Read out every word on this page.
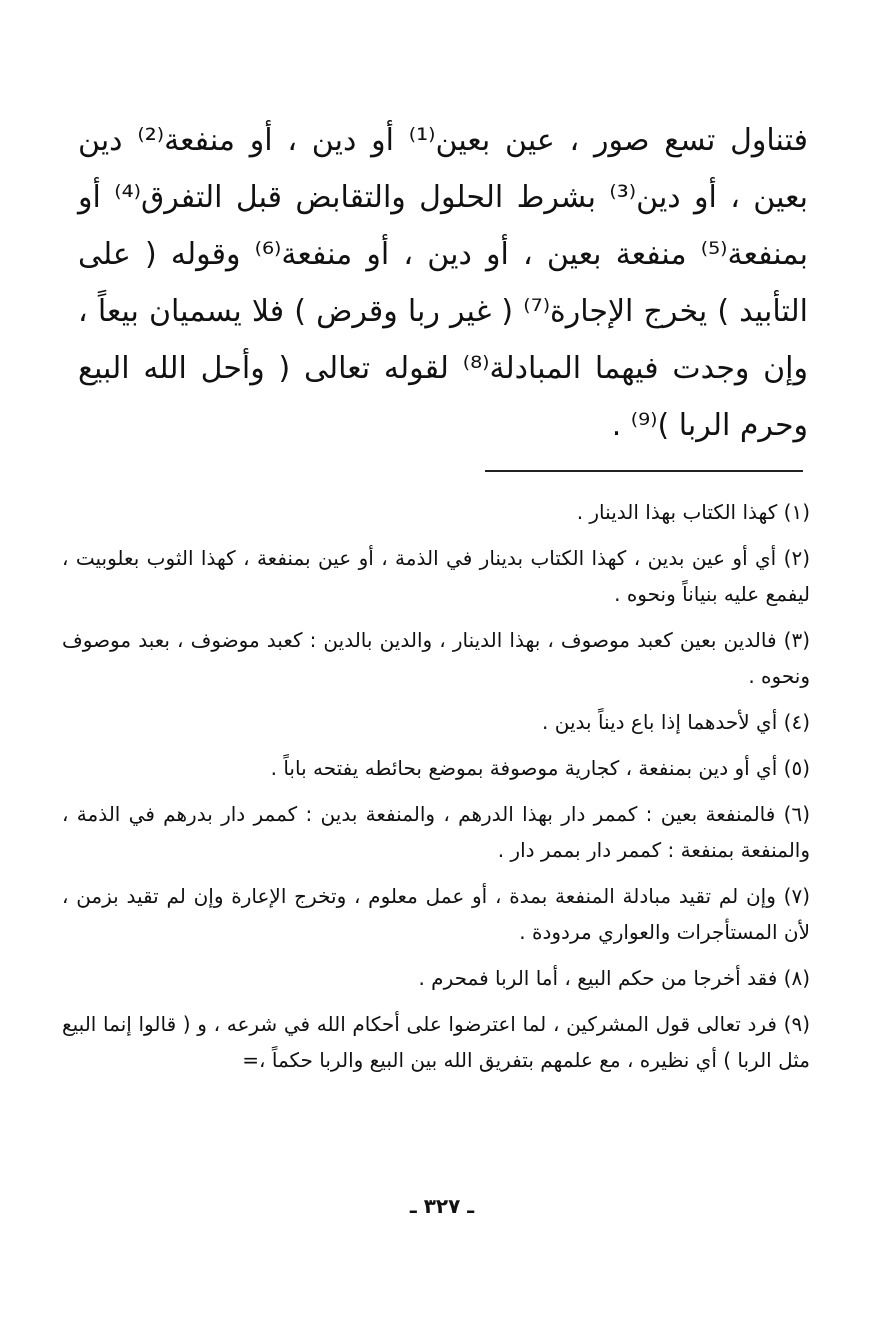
فتناول تسع صور ، عين بعين⁽¹⁾ أو دين ، أو منفعة⁽²⁾ دين بعين ، أو دين⁽³⁾ بشرط الحلول والتقابض قبل التفرق⁽⁴⁾ أو بمنفعة⁽⁵⁾ منفعة بعين ، أو دين ، أو منفعة⁽⁶⁾ وقوله ( على التأبيد ) يخرج الإجارة⁽⁷⁾ ( غير ربا وقرض ) فلا يسميان بيعاً ، وإن وجدت فيهما المبادلة⁽⁸⁾ لقوله تعالى ( وأحل الله البيع وحرم الربا )⁽⁹⁾ .

(١) كهذا الكتاب بهذا الدينار .

(٢) أي أو عين بدين ، كهذا الكتاب بدينار في الذمة ، أو عين بمنفعة ، كهذا الثوب بعلوبيت ، ليفمع عليه بنياناً ونحوه .

(٣) فالدين بعين كعبد موصوف ، بهذا الدينار ، والدين بالدين : كعبد موضوف ، بعبد موصوف ونحوه .

(٤) أي لأحدهما إذا باع ديناً بدين .

(٥) أي أو دين بمنفعة ، كجارية موصوفة بموضع بحائطه يفتحه باباً .

(٦) فالمنفعة بعين : كممر دار بهذا الدرهم ، والمنفعة بدين : كممر دار بدرهم في الذمة ، والمنفعة بمنفعة : كممر دار بممر دار .

(٧) وإن لم تقيد مبادلة المنفعة بمدة ، أو عمل معلوم ، وتخرج الإعارة وإن لم تقيد بزمن ، لأن المستأجرات والعواري مردودة .

(٨) فقد أخرجا من حكم البيع ، أما الربا فمحرم .

(٩) فرد تعالى قول المشركين ، لما اعترضوا على أحكام الله في شرعه ، و ( قالوا إنما البيع مثل الربا ) أي نظيره ، مع علمهم بتفريق الله بين البيع والربا حكماً ،=

ـ ٣٢٧ ـ
